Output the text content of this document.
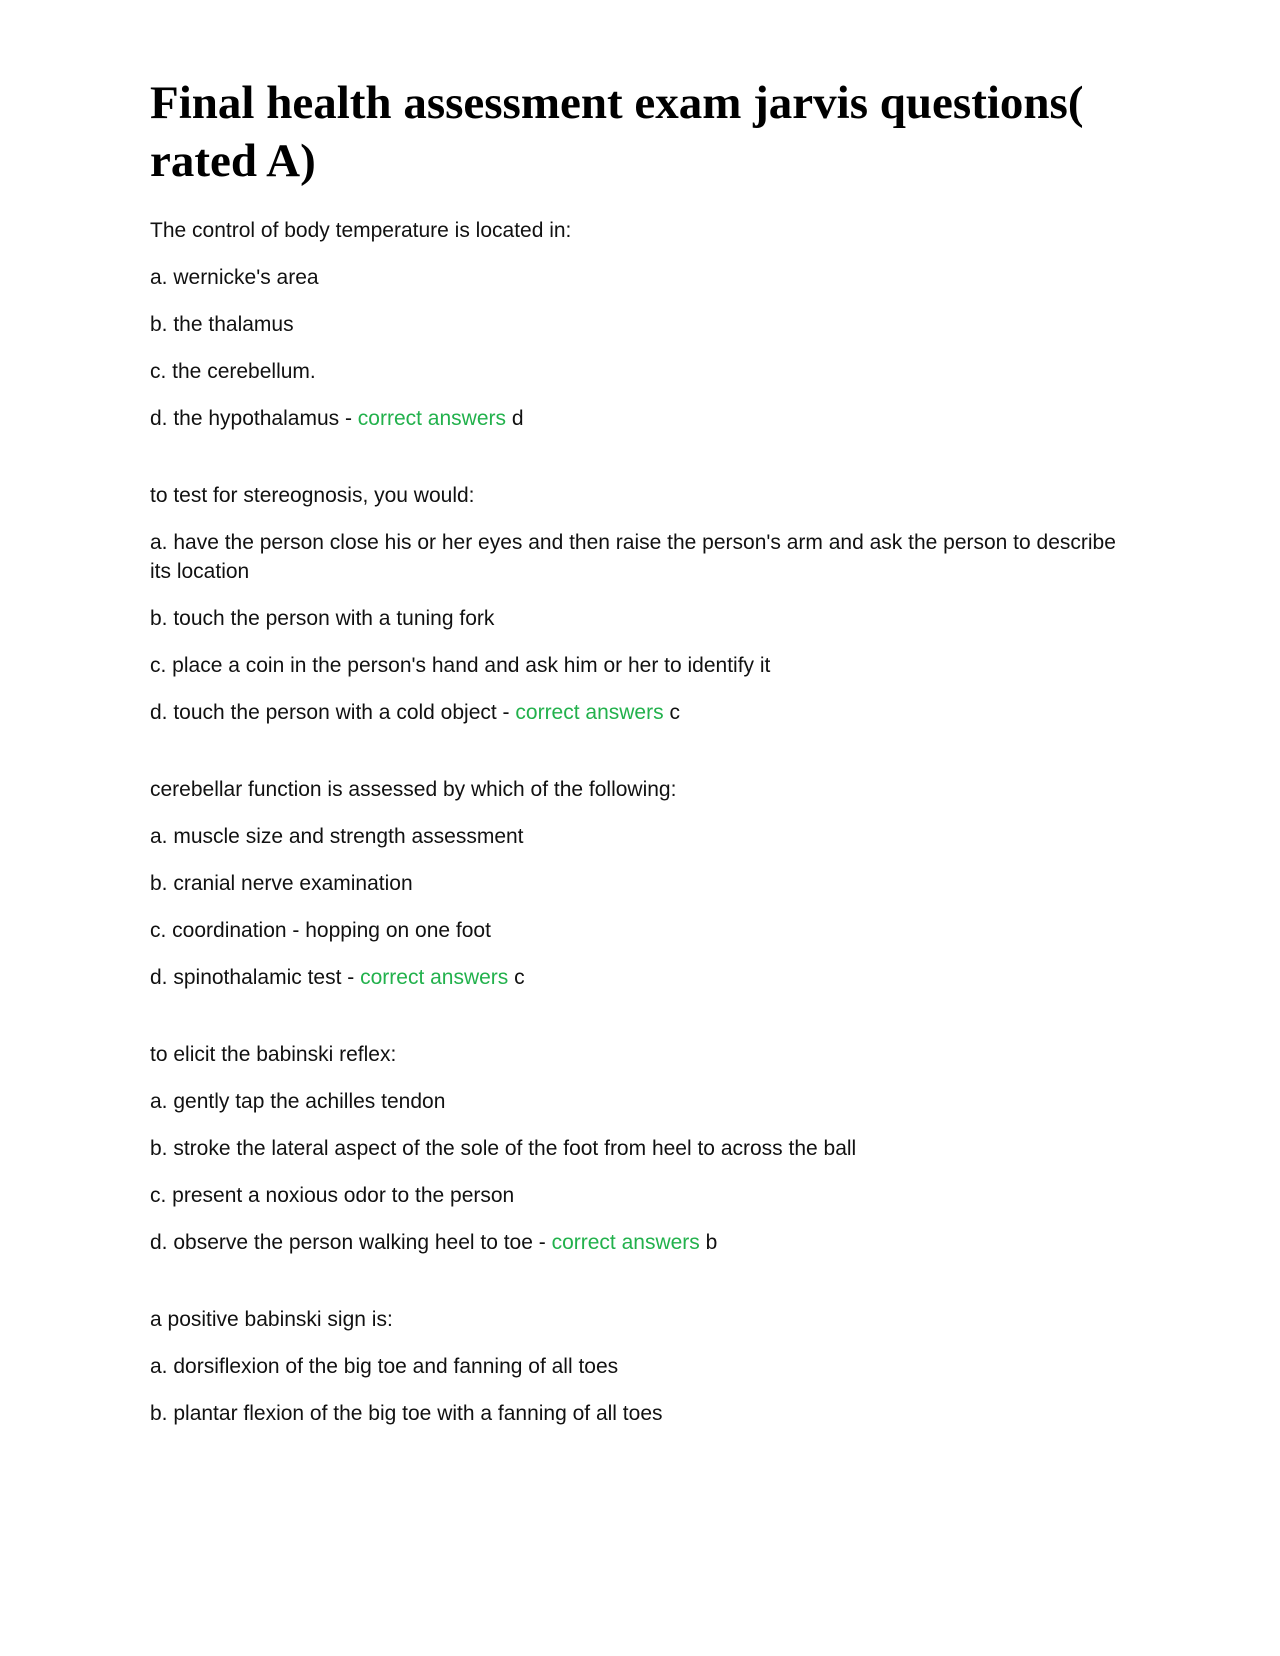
Final health assessment exam jarvis questions( rated A)

The control of body temperature is located in:

a. wernicke's area

b. the thalamus

c. the cerebellum.

d. the hypothalamus - correct answers d

to test for stereognosis, you would:

a. have the person close his or her eyes and then raise the person's arm and ask the person to describe its location

b. touch the person with a tuning fork

c. place a coin in the person's hand and ask him or her to identify it

d. touch the person with a cold object - correct answers c

cerebellar function is assessed by which of the following:

a. muscle size and strength assessment

b. cranial nerve examination

c. coordination - hopping on one foot

d. spinothalamic test - correct answers c

to elicit the babinski reflex:

a. gently tap the achilles tendon

b. stroke the lateral aspect of the sole of the foot from heel to across the ball

c. present a noxious odor to the person

d. observe the person walking heel to toe - correct answers b

a positive babinski sign is:

a. dorsiflexion of the big toe and fanning of all toes

b. plantar flexion of the big toe with a fanning of all toes
